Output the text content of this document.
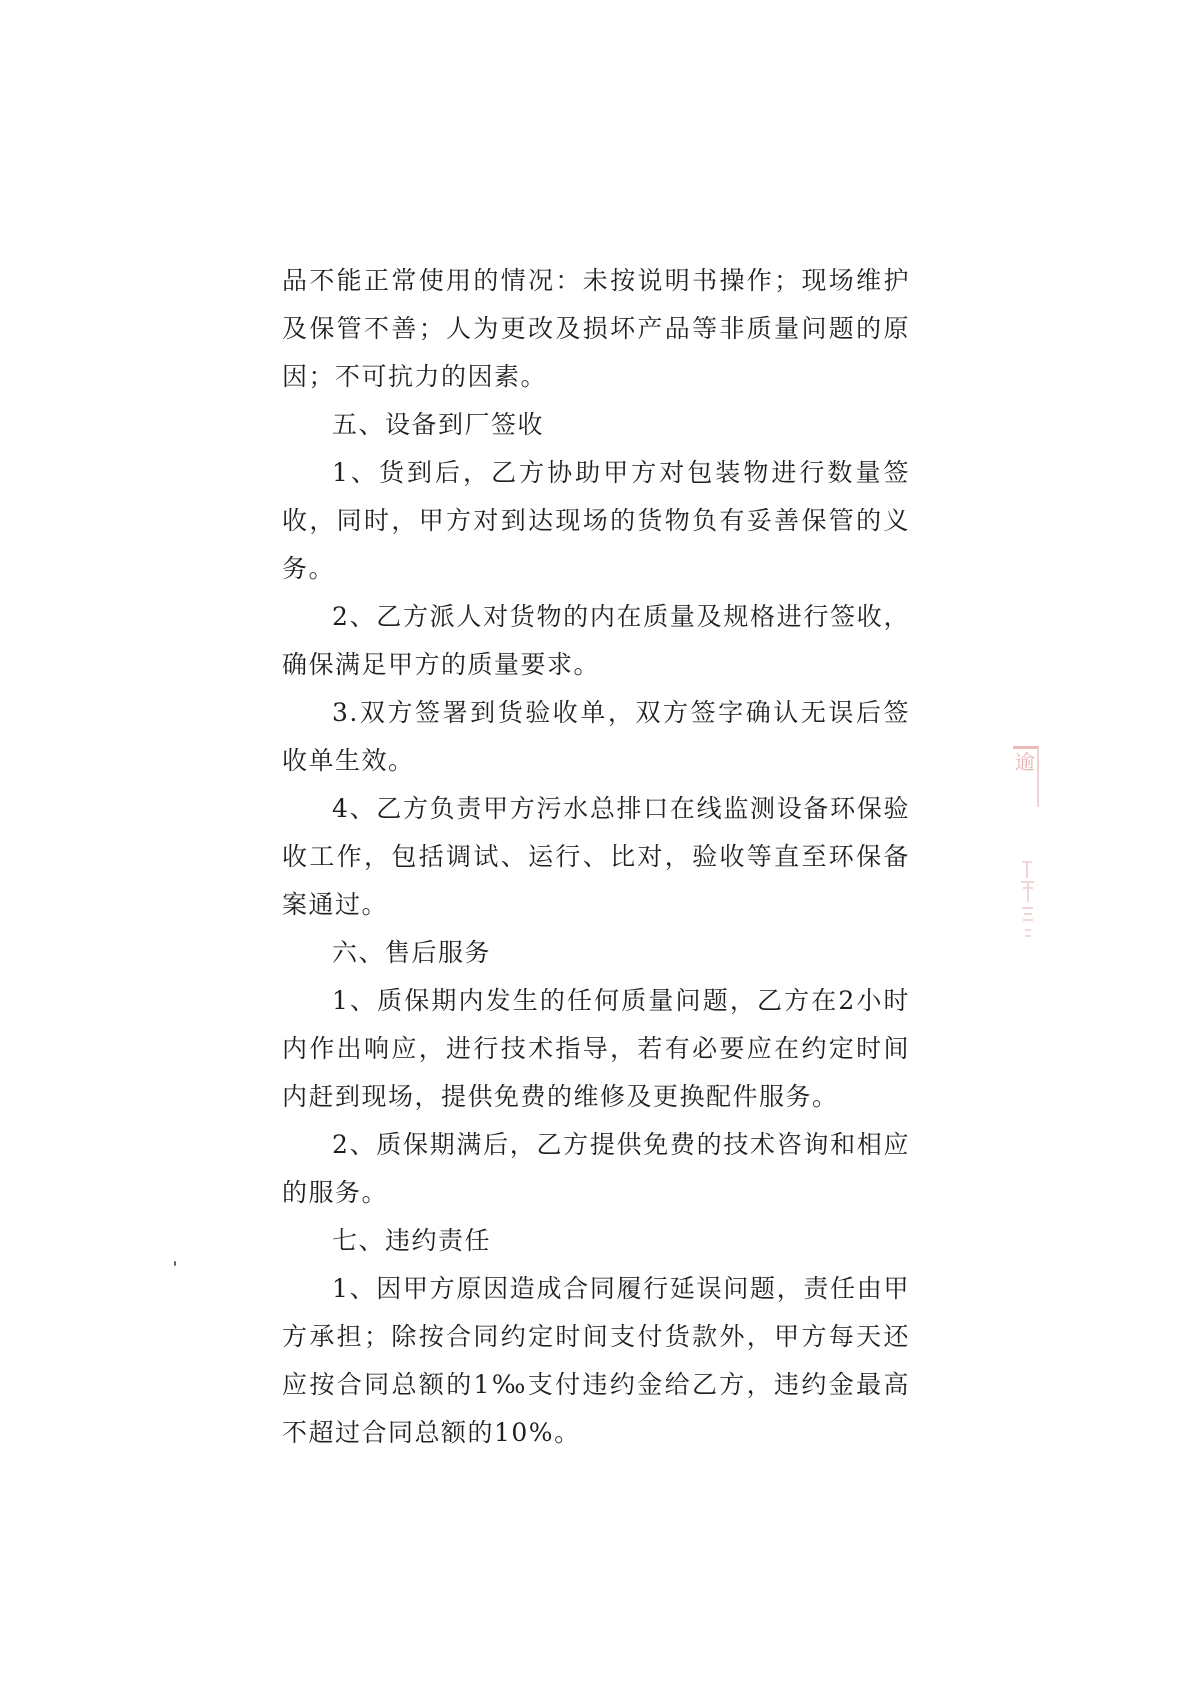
品不能正常使用的情况：未按说明书操作；现场维护及保管不善；人为更改及损坏产品等非质量问题的原因；不可抗力的因素。

五、设备到厂签收

1、货到后，乙方协助甲方对包装物进行数量签收，同时，甲方对到达现场的货物负有妥善保管的义务。

2、乙方派人对货物的内在质量及规格进行签收，确保满足甲方的质量要求。

3.双方签署到货验收单，双方签字确认无误后签收单生效。

4、乙方负责甲方污水总排口在线监测设备环保验收工作，包括调试、运行、比对，验收等直至环保备案通过。

六、售后服务

1、质保期内发生的任何质量问题，乙方在2小时内作出响应，进行技术指导，若有必要应在约定时间内赶到现场，提供免费的维修及更换配件服务。

2、质保期满后，乙方提供免费的技术咨询和相应的服务。

七、违约责任

1、因甲方原因造成合同履行延误问题，责任由甲方承担；除按合同约定时间支付货款外，甲方每天还应按合同总额的1‰支付违约金给乙方，违约金最高不超过合同总额的10%。

逾
